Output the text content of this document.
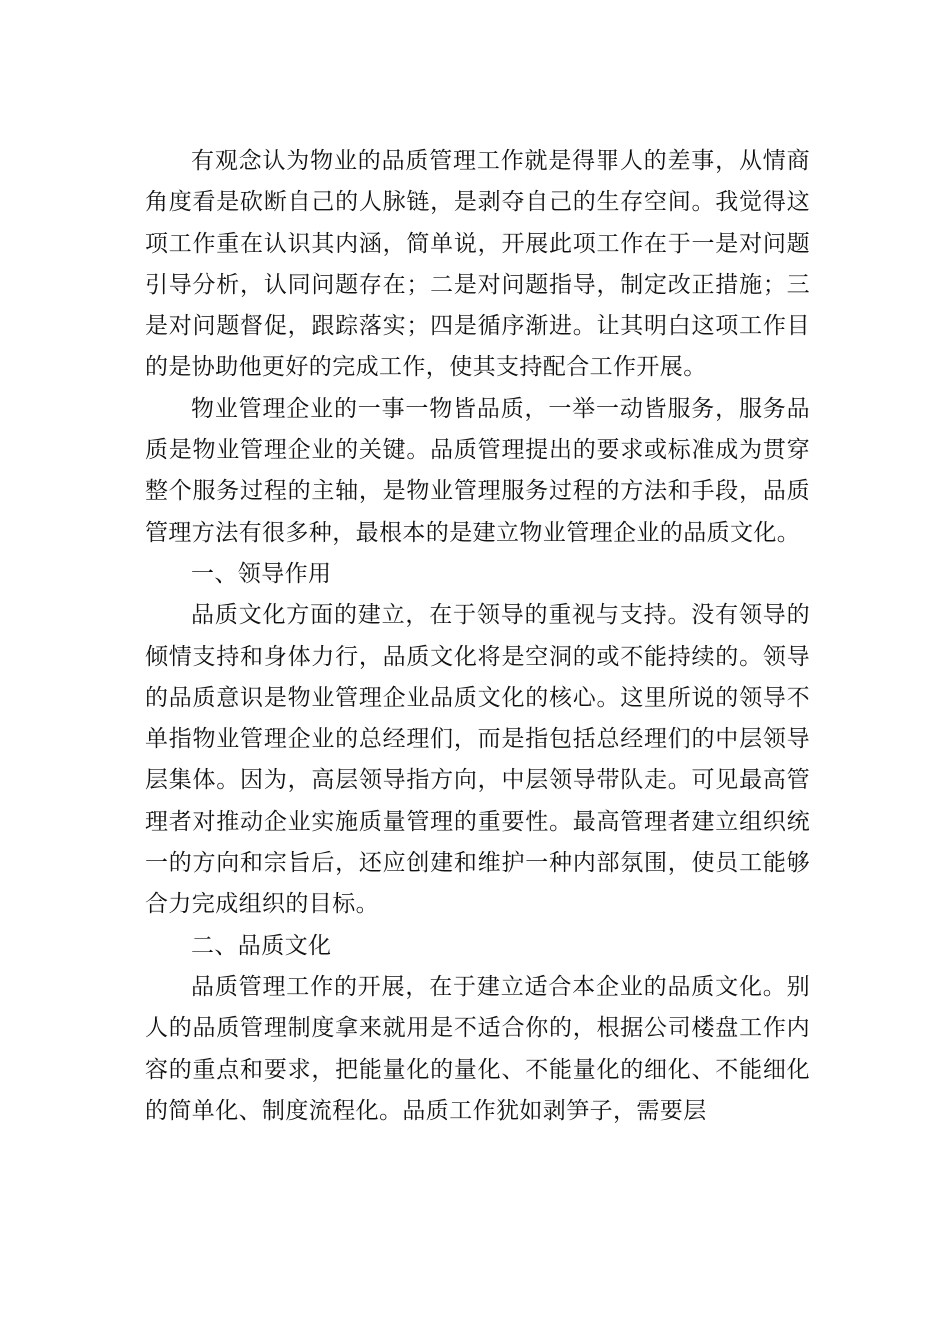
有观念认为物业的品质管理工作就是得罪人的差事，从情商角度看是砍断自己的人脉链，是剥夺自己的生存空间。我觉得这项工作重在认识其内涵，简单说，开展此项工作在于一是对问题引导分析，认同问题存在；二是对问题指导，制定改正措施；三是对问题督促，跟踪落实；四是循序渐进。让其明白这项工作目的是协助他更好的完成工作，使其支持配合工作开展。

物业管理企业的一事一物皆品质，一举一动皆服务，服务品质是物业管理企业的关键。品质管理提出的要求或标准成为贯穿整个服务过程的主轴，是物业管理服务过程的方法和手段，品质管理方法有很多种，最根本的是建立物业管理企业的品质文化。

一、领导作用

品质文化方面的建立，在于领导的重视与支持。没有领导的倾情支持和身体力行，品质文化将是空洞的或不能持续的。领导的品质意识是物业管理企业品质文化的核心。这里所说的领导不单指物业管理企业的总经理们，而是指包括总经理们的中层领导层集体。因为，高层领导指方向，中层领导带队走。可见最高管理者对推动企业实施质量管理的重要性。最高管理者建立组织统一的方向和宗旨后，还应创建和维护一种内部氛围，使员工能够合力完成组织的目标。

二、品质文化

品质管理工作的开展，在于建立适合本企业的品质文化。别人的品质管理制度拿来就用是不适合你的，根据公司楼盘工作内容的重点和要求，把能量化的量化、不能量化的细化、不能细化的简单化、制度流程化。品质工作犹如剥笋子，需要层
